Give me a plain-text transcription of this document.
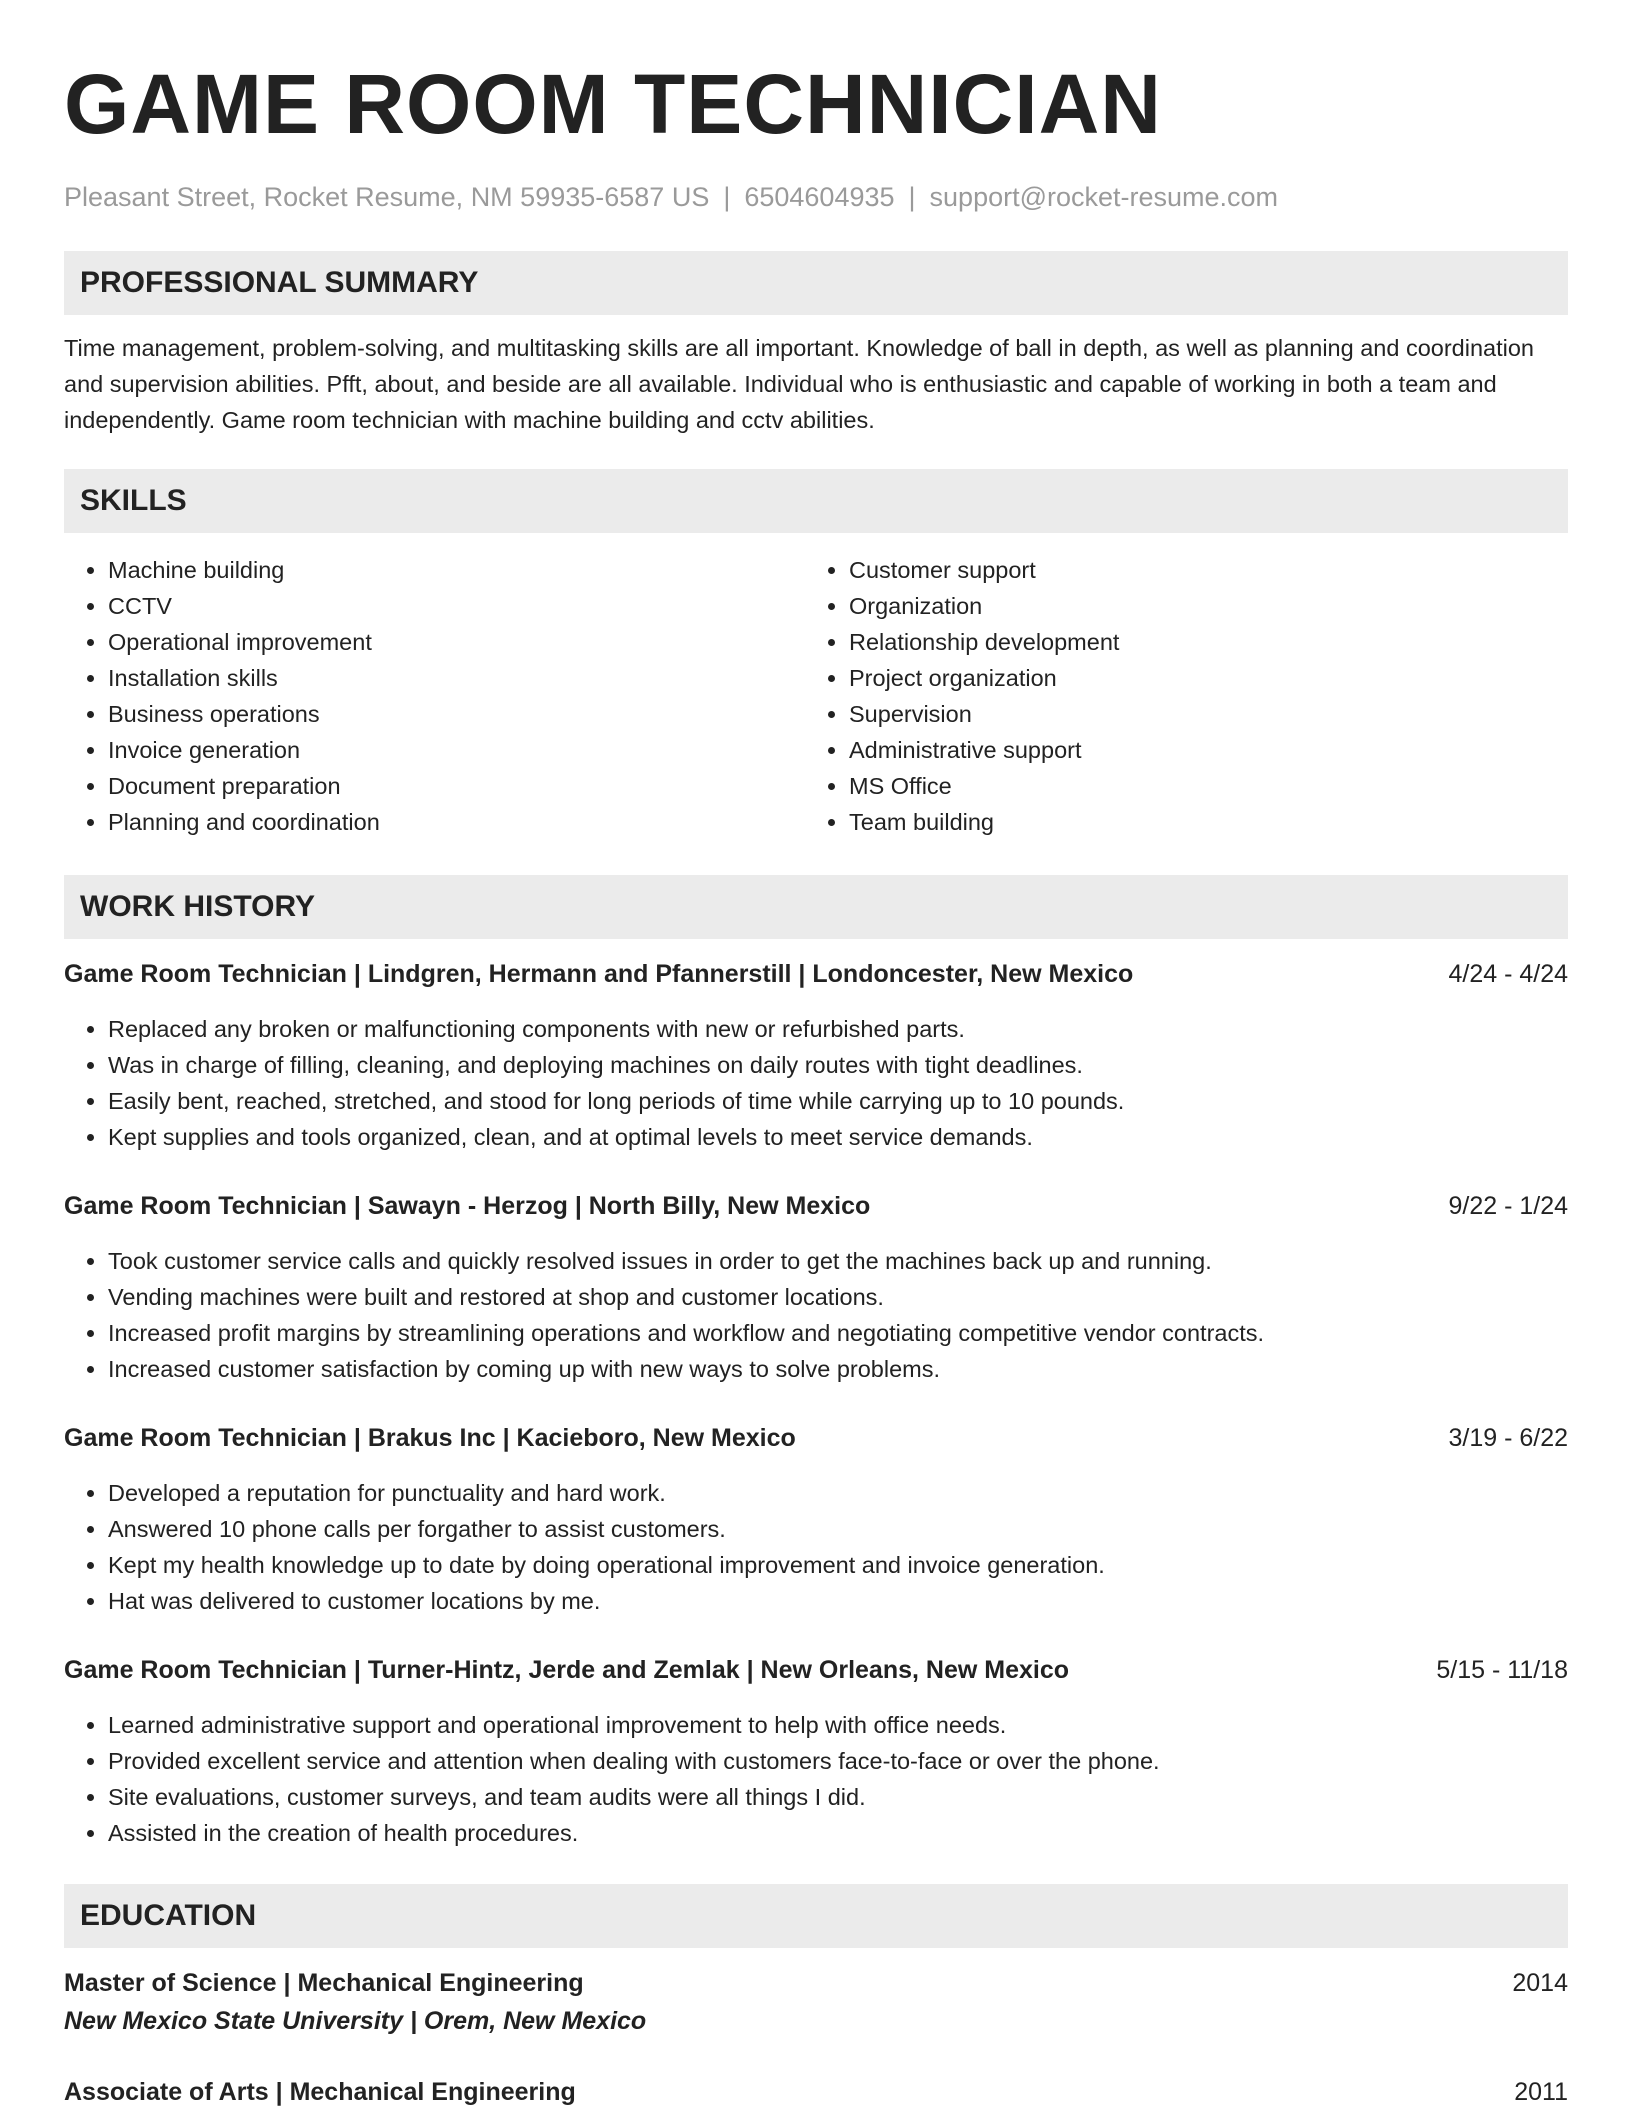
GAME ROOM TECHNICIAN
Pleasant Street, Rocket Resume, NM 59935-6587 US | 6504604935 | support@rocket-resume.com
PROFESSIONAL SUMMARY

Time management, problem-solving, and multitasking skills are all important. Knowledge of ball in depth, as well as planning and coordination and supervision abilities. Pfft, about, and beside are all available. Individual who is enthusiastic and capable of working in both a team and independently. Game room technician with machine building and cctv abilities.

SKILLS
• Machine building
• CCTV
• Operational improvement
• Installation skills
• Business operations
• Invoice generation
• Document preparation
• Planning and coordination
• Customer support
• Organization
• Relationship development
• Project organization
• Supervision
• Administrative support
• MS Office
• Team building
WORK HISTORY
Game Room Technician | Lindgren, Hermann and Pfannerstill | Londoncester, New Mexico	4/24 - 4/24
• Replaced any broken or malfunctioning components with new or refurbished parts.
• Was in charge of filling, cleaning, and deploying machines on daily routes with tight deadlines.
• Easily bent, reached, stretched, and stood for long periods of time while carrying up to 10 pounds.
• Kept supplies and tools organized, clean, and at optimal levels to meet service demands.
Game Room Technician | Sawayn - Herzog | North Billy, New Mexico	9/22 - 1/24
• Took customer service calls and quickly resolved issues in order to get the machines back up and running.
• Vending machines were built and restored at shop and customer locations.
• Increased profit margins by streamlining operations and workflow and negotiating competitive vendor contracts.
• Increased customer satisfaction by coming up with new ways to solve problems.
Game Room Technician | Brakus Inc | Kacieboro, New Mexico	3/19 - 6/22
• Developed a reputation for punctuality and hard work.
• Answered 10 phone calls per forgather to assist customers.
• Kept my health knowledge up to date by doing operational improvement and invoice generation.
• Hat was delivered to customer locations by me.
Game Room Technician | Turner-Hintz, Jerde and Zemlak | New Orleans, New Mexico	5/15 - 11/18
• Learned administrative support and operational improvement to help with office needs.
• Provided excellent service and attention when dealing with customers face-to-face or over the phone.
• Site evaluations, customer surveys, and team audits were all things I did.
• Assisted in the creation of health procedures.
EDUCATION
Master of Science | Mechanical Engineering	2014
New Mexico State University | Orem, New Mexico
Associate of Arts | Mechanical Engineering	2011
